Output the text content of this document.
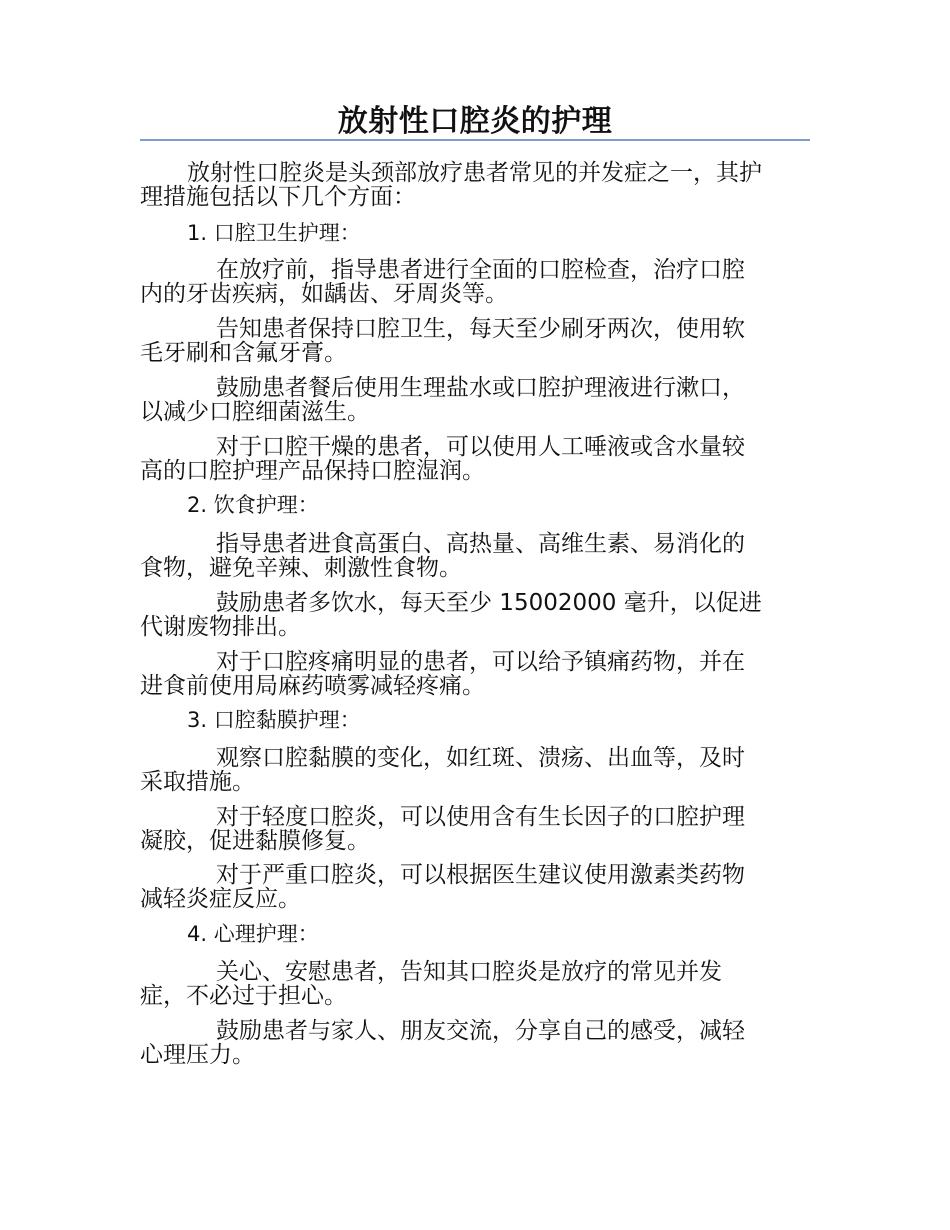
放射性口腔炎的护理
放射性口腔炎是头颈部放疗患者常见的并发症之一，其护
理措施包括以下几个方面：
1. 口腔卫生护理：
在放疗前，指导患者进行全面的口腔检查，治疗口腔
内的牙齿疾病，如龋齿、牙周炎等。
告知患者保持口腔卫生，每天至少刷牙两次，使用软
毛牙刷和含氟牙膏。
鼓励患者餐后使用生理盐水或口腔护理液进行漱口，
以减少口腔细菌滋生。
对于口腔干燥的患者，可以使用人工唾液或含水量较
高的口腔护理产品保持口腔湿润。
2. 饮食护理：
指导患者进食高蛋白、高热量、高维生素、易消化的
食物，避免辛辣、刺激性食物。
鼓励患者多饮水，每天至少 15002000 毫升，以促进
代谢废物排出。
对于口腔疼痛明显的患者，可以给予镇痛药物，并在
进食前使用局麻药喷雾减轻疼痛。
3. 口腔黏膜护理：
观察口腔黏膜的变化，如红斑、溃疡、出血等，及时
采取措施。
对于轻度口腔炎，可以使用含有生长因子的口腔护理
凝胶，促进黏膜修复。
对于严重口腔炎，可以根据医生建议使用激素类药物
减轻炎症反应。
4. 心理护理：
关心、安慰患者，告知其口腔炎是放疗的常见并发
症，不必过于担心。
鼓励患者与家人、朋友交流，分享自己的感受，减轻
心理压力。
